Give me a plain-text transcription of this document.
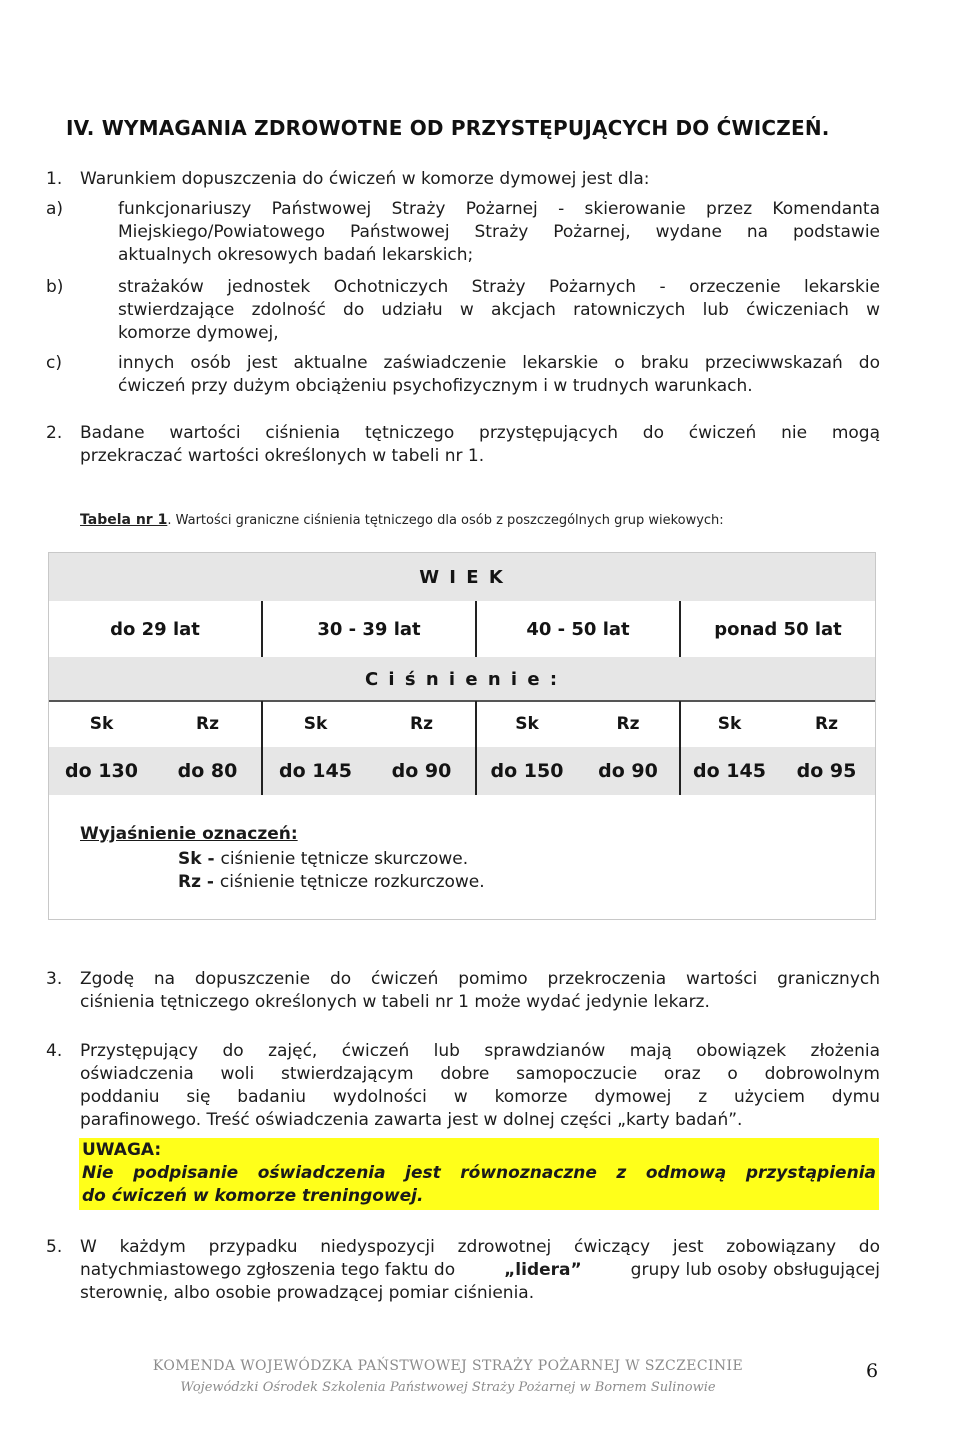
IV. WYMAGANIA ZDROWOTNE OD PRZYSTĘPUJĄCYCH DO ĆWICZEŃ.
1. Warunkiem dopuszczenia do ćwiczeń w komorze dymowej jest dla:
a)	funkcjonariuszy Państwowej Straży Pożarnej - skierowanie przez Komendanta
Miejskiego/Powiatowego Państwowej Straży Pożarnej, wydane na podstawie
aktualnych okresowych badań lekarskich;
b)	strażaków jednostek Ochotniczych Straży Pożarnych - orzeczenie lekarskie
stwierdzające zdolność do udziału w akcjach ratowniczych lub ćwiczeniach w
komorze dymowej,
c)	innych osób jest aktualne zaświadczenie lekarskie o braku przeciwwskazań do
ćwiczeń przy dużym obciążeniu psychofizycznym i w trudnych warunkach.
2. Badane wartości ciśnienia tętniczego przystępujących do ćwiczeń nie mogą
przekraczać wartości określonych w tabeli nr 1.
Tabela nr 1. Wartości graniczne ciśnienia tętniczego dla osób z poszczególnych grup wiekowych:
W I E K
do 29 lat	30 - 39 lat	40 - 50 lat	ponad 50 lat
C i ś n i e n i e :
Sk	Rz	Sk	Rz	Sk	Rz	Sk	Rz
do 130	do 80	do 145	do 90	do 150	do 90	do 145	do 95
Wyjaśnienie oznaczeń:
Sk - ciśnienie tętnicze skurczowe.
Rz - ciśnienie tętnicze rozkurczowe.
3. Zgodę na dopuszczenie do ćwiczeń pomimo przekroczenia wartości granicznych
ciśnienia tętniczego określonych w tabeli nr 1 może wydać jedynie lekarz.
4. Przystępujący do zajęć, ćwiczeń lub sprawdzianów mają obowiązek złożenia
oświadczenia woli stwierdzającym dobre samopoczucie oraz o dobrowolnym
poddaniu się badaniu wydolności w komorze dymowej z użyciem dymu
parafinowego. Treść oświadczenia zawarta jest w dolnej części „karty badań”.
UWAGA:
Nie podpisanie oświadczenia jest równoznaczne z odmową przystąpienia
do ćwiczeń w komorze treningowej.
5. W każdym przypadku niedyspozycji zdrowotnej ćwiczący jest zobowiązany do
natychmiastowego zgłoszenia tego faktu do	„lidera”	grupy lub osoby obsługującej
sterownię, albo osobie prowadzącej pomiar ciśnienia.
KOMENDA WOJEWÓDZKA PAŃSTWOWEJ STRAŻY POŻARNEJ W SZCZECINIE
Wojewódzki Ośrodek Szkolenia Państwowej Straży Pożarnej w Bornem Sulinowie
6
